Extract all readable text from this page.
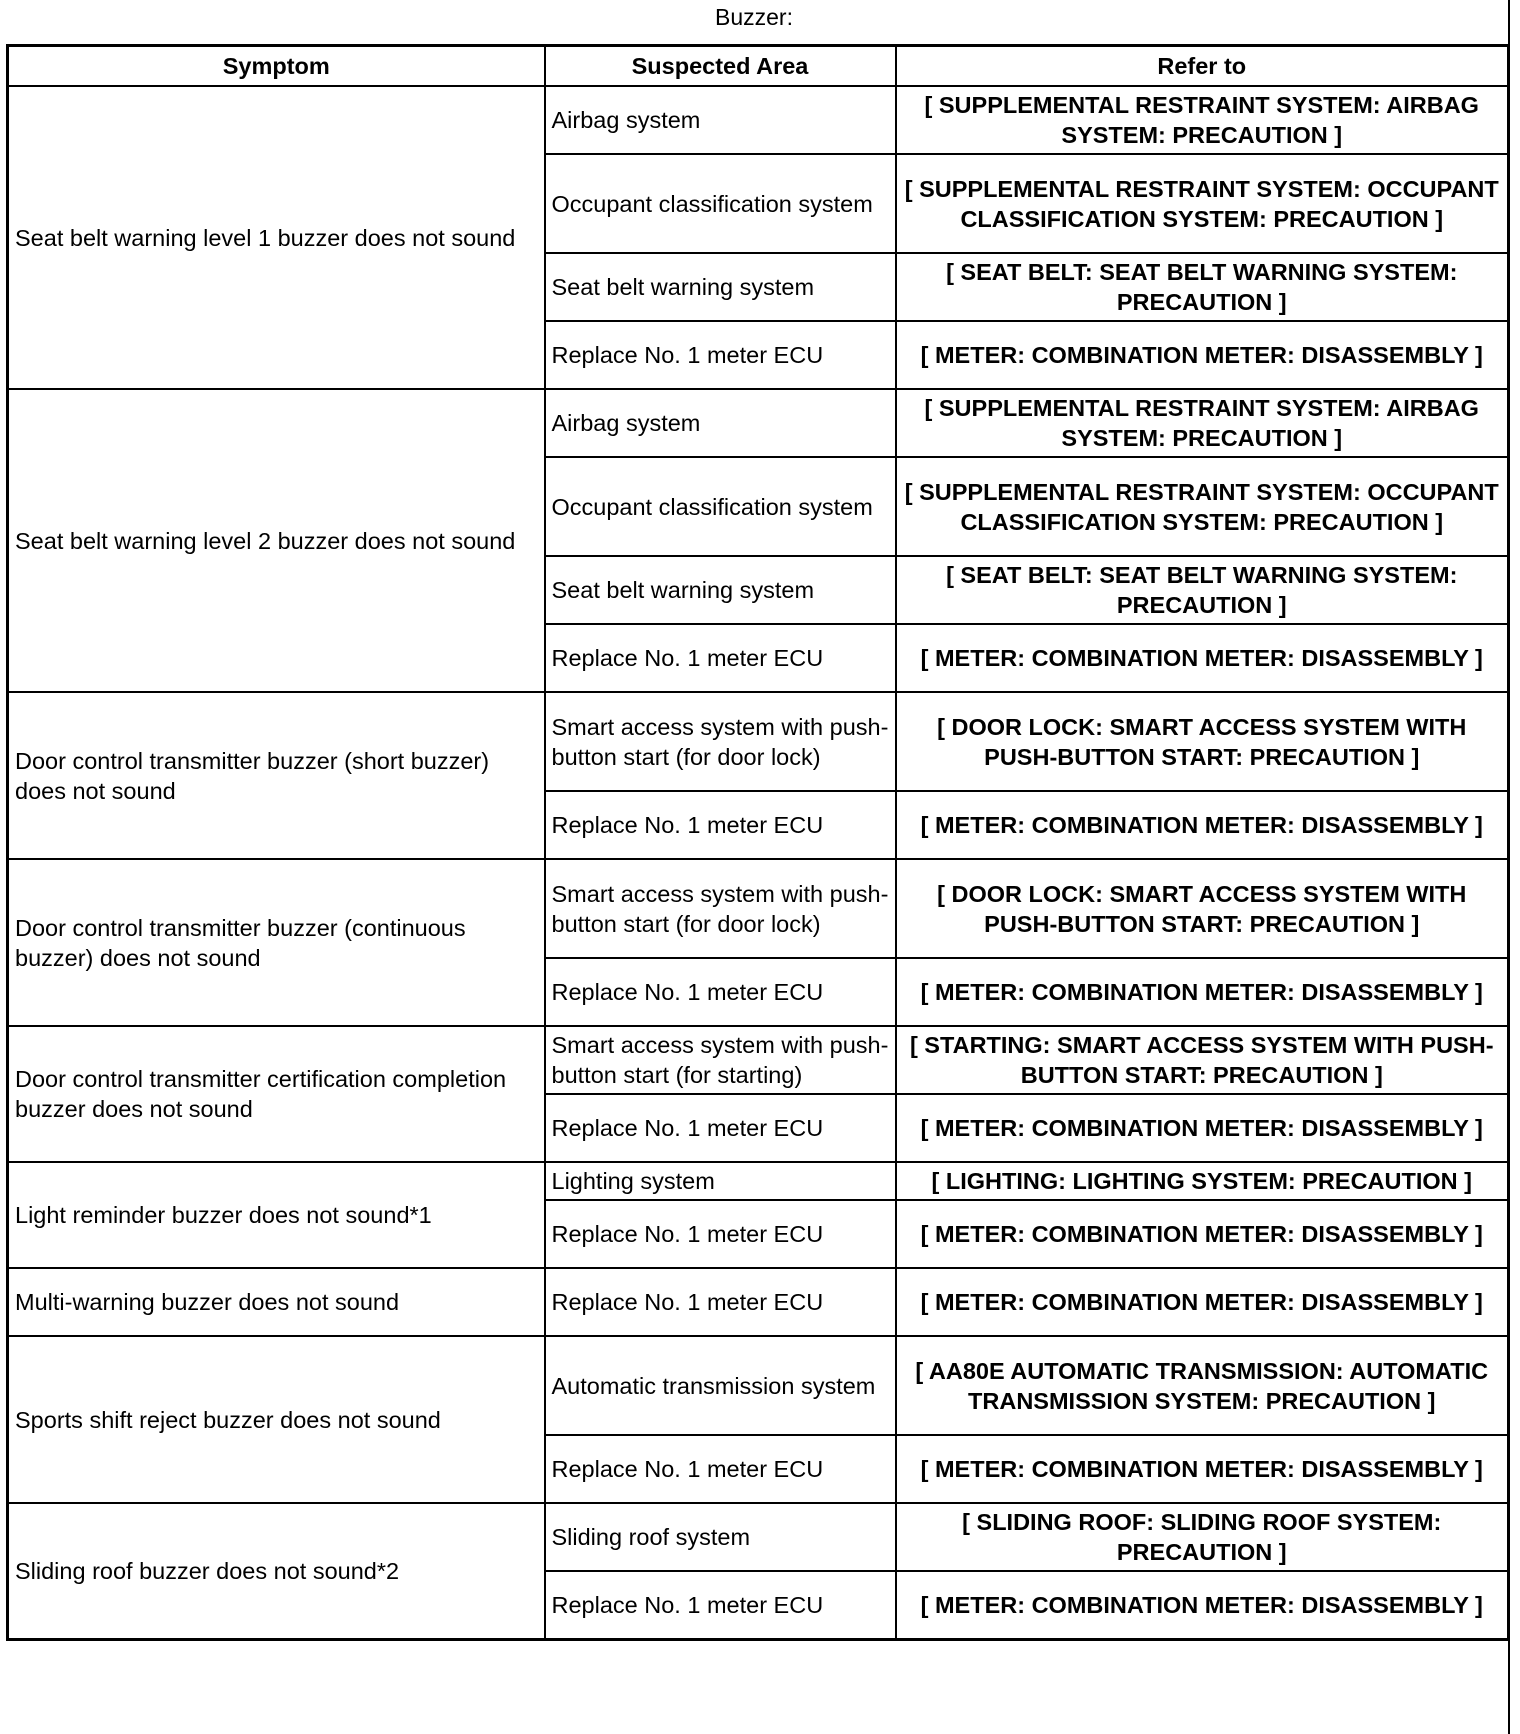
Buzzer:
Symptom	Suspected Area	Refer to
Seat belt warning level 1 buzzer does not sound	Airbag system	[ SUPPLEMENTAL RESTRAINT SYSTEM: AIRBAG SYSTEM: PRECAUTION ]
	Occupant classification system	[ SUPPLEMENTAL RESTRAINT SYSTEM: OCCUPANT CLASSIFICATION SYSTEM: PRECAUTION ]
	Seat belt warning system	[ SEAT BELT: SEAT BELT WARNING SYSTEM: PRECAUTION ]
	Replace No. 1 meter ECU	[ METER: COMBINATION METER: DISASSEMBLY ]
Seat belt warning level 2 buzzer does not sound	Airbag system	[ SUPPLEMENTAL RESTRAINT SYSTEM: AIRBAG SYSTEM: PRECAUTION ]
	Occupant classification system	[ SUPPLEMENTAL RESTRAINT SYSTEM: OCCUPANT CLASSIFICATION SYSTEM: PRECAUTION ]
	Seat belt warning system	[ SEAT BELT: SEAT BELT WARNING SYSTEM: PRECAUTION ]
	Replace No. 1 meter ECU	[ METER: COMBINATION METER: DISASSEMBLY ]
Door control transmitter buzzer (short buzzer) does not sound	Smart access system with push-button start (for door lock)	[ DOOR LOCK: SMART ACCESS SYSTEM WITH PUSH-BUTTON START: PRECAUTION ]
	Replace No. 1 meter ECU	[ METER: COMBINATION METER: DISASSEMBLY ]
Door control transmitter buzzer (continuous buzzer) does not sound	Smart access system with push-button start (for door lock)	[ DOOR LOCK: SMART ACCESS SYSTEM WITH PUSH-BUTTON START: PRECAUTION ]
	Replace No. 1 meter ECU	[ METER: COMBINATION METER: DISASSEMBLY ]
Door control transmitter certification completion buzzer does not sound	Smart access system with push-button start (for starting)	[ STARTING: SMART ACCESS SYSTEM WITH PUSH-BUTTON START: PRECAUTION ]
	Replace No. 1 meter ECU	[ METER: COMBINATION METER: DISASSEMBLY ]
Light reminder buzzer does not sound*1	Lighting system	[ LIGHTING: LIGHTING SYSTEM: PRECAUTION ]
	Replace No. 1 meter ECU	[ METER: COMBINATION METER: DISASSEMBLY ]
Multi-warning buzzer does not sound	Replace No. 1 meter ECU	[ METER: COMBINATION METER: DISASSEMBLY ]
Sports shift reject buzzer does not sound	Automatic transmission system	[ AA80E AUTOMATIC TRANSMISSION: AUTOMATIC TRANSMISSION SYSTEM: PRECAUTION ]
	Replace No. 1 meter ECU	[ METER: COMBINATION METER: DISASSEMBLY ]
Sliding roof buzzer does not sound*2	Sliding roof system	[ SLIDING ROOF: SLIDING ROOF SYSTEM: PRECAUTION ]
	Replace No. 1 meter ECU	[ METER: COMBINATION METER: DISASSEMBLY ]
